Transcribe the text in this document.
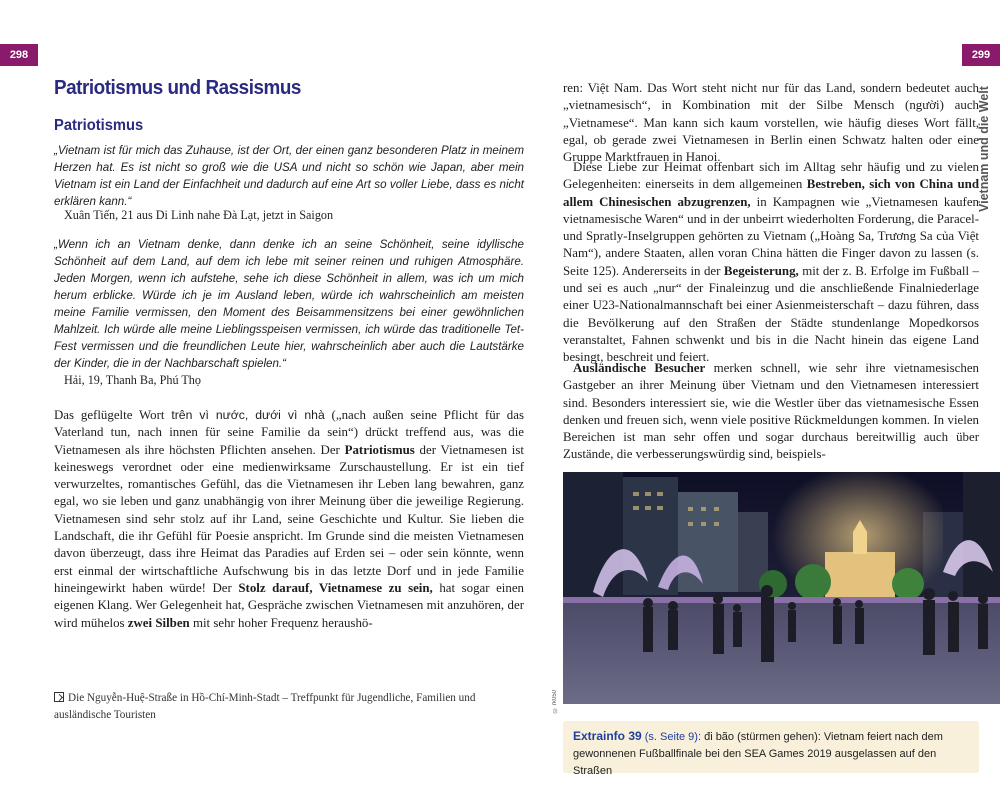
298	299
Vietnam und die Welt
Patriotismus und Rassismus
Patriotismus
„Vietnam ist für mich das Zuhause, ist der Ort, der einen ganz besonderen Platz in meinem Herzen hat. Es ist nicht so groß wie die USA und nicht so schön wie Japan, aber mein Vietnam ist ein Land der Einfachheit und dadurch auf eine Art so voller Liebe, dass es nicht erklären kann.“
Xuân Tiến, 21 aus Di Linh nahe Đà Lạt, jetzt in Saigon
„Wenn ich an Vietnam denke, dann denke ich an seine Schönheit, seine idyllische Schönheit auf dem Land, auf dem ich lebe mit seiner reinen und ruhigen Atmosphäre. Jeden Morgen, wenn ich aufstehe, sehe ich diese Schönheit in allem, was ich um mich herum erblicke. Würde ich je im Ausland leben, würde ich wahrscheinlich am meisten meine Familie vermissen, den Moment des Beisammensitzens bei einer gewöhnlichen Mahlzeit. Ich würde alle meine Lieblingsspeisen vermissen, ich würde das traditionelle Tet-Fest vermissen und die freundlichen Leute hier, wahrscheinlich aber auch die Lautstärke der Kinder, die in der Nachbarschaft spielen.“
Hải, 19, Thanh Ba, Phú Thọ
Das geflügelte Wort trên vì nước, dưới vì nhà („nach außen seine Pflicht für das Vaterland tun, nach innen für seine Familie da sein“) drückt treffend aus, was die Vietnamesen als ihre höchsten Pflichten ansehen. Der Patriotismus der Vietnamesen ist keineswegs verordnet oder eine medienwirksame Zurschaustellung. Er ist ein tief verwurzeltes, romantisches Gefühl, das die Vietnamesen ihr Leben lang bewahren, ganz egal, wo sie leben und ganz unabhängig von ihrer Meinung über die jeweilige Regierung. Vietnamesen sind sehr stolz auf ihr Land, seine Geschichte und Kultur. Sie lieben die Landschaft, die ihr Gefühl für Poesie anspricht. Im Grunde sind die meisten Vietnamesen davon überzeugt, dass ihre Heimat das Paradies auf Erden sei – oder sein könnte, wenn erst einmal der wirtschaftliche Aufschwung bis in das letzte Dorf und in jede Familie hineingewirkt haben würde! Der Stolz darauf, Vietnamese zu sein, hat sogar einen eigenen Klang. Wer Gelegenheit hat, Gespräche zwischen Vietnamesen mit anzuhören, der wird mühelos zwei Silben mit sehr hoher Frequenz heraushö-
Die Nguyễn-Huệ-Straße in Hồ-Chí-Minh-Stadt – Treffpunkt für Jugendliche, Familien und ausländische Touristen
ren: Việt Nam. Das Wort steht nicht nur für das Land, sondern bedeutet auch „vietnamesisch“, in Kombination mit der Silbe Mensch (người) auch „Vietnamese“. Man kann sich kaum vorstellen, wie häufig dieses Wort fällt, egal, ob gerade zwei Vietnamesen in Berlin einen Schwatz halten oder eine Gruppe Marktfrauen in Hanoi.
Diese Liebe zur Heimat offenbart sich im Alltag sehr häufig und zu vielen Gelegenheiten: einerseits in dem allgemeinen Bestreben, sich von China und allem Chinesischen abzugrenzen, in Kampagnen wie „Vietnamesen kaufen vietnamesische Waren“ und in der unbeirrt wiederholten Forderung, die Paracel- und Spratly-Inselgruppen gehörten zu Vietnam („Hoàng Sa, Trương Sa của Việt Nam“), andere Staaten, allen voran China hätten die Finger davon zu lassen (s. Seite 125). Andererseits in der Begeisterung, mit der z. B. Erfolge im Fußball – und sei es auch „nur“ der Finaleinzug und die anschließende Finalniederlage einer U23-Nationalmannschaft bei einer Asienmeisterschaft – dazu führen, dass die Bevölkerung auf den Straßen der Städte stundenlange Mopedkorsos veranstaltet, Fahnen schwenkt und bis in die Nacht hinein das eigene Land besingt, beschreit und feiert.
Ausländische Besucher merken schnell, wie sehr ihre vietnamesischen Gastgeber an ihrer Meinung über Vietnam und den Vietnamesen interessiert sind. Besonders interessiert sie, wie die Westler über das vietnamesische Essen denken und freuen sich, wenn viele positive Rückmeldungen kommen. In vielen Bereichen ist man sehr offen und sogar durchaus bereitwillig auch über Zustände, die verbesserungswürdig sind, beispiels-
© rk050
Extrainfo 39 (s. Seite 9): đi bão (stürmen gehen): Vietnam feiert nach dem gewonnenen Fußballfinale bei den SEA Games 2019 ausgelassen auf den Straßen
